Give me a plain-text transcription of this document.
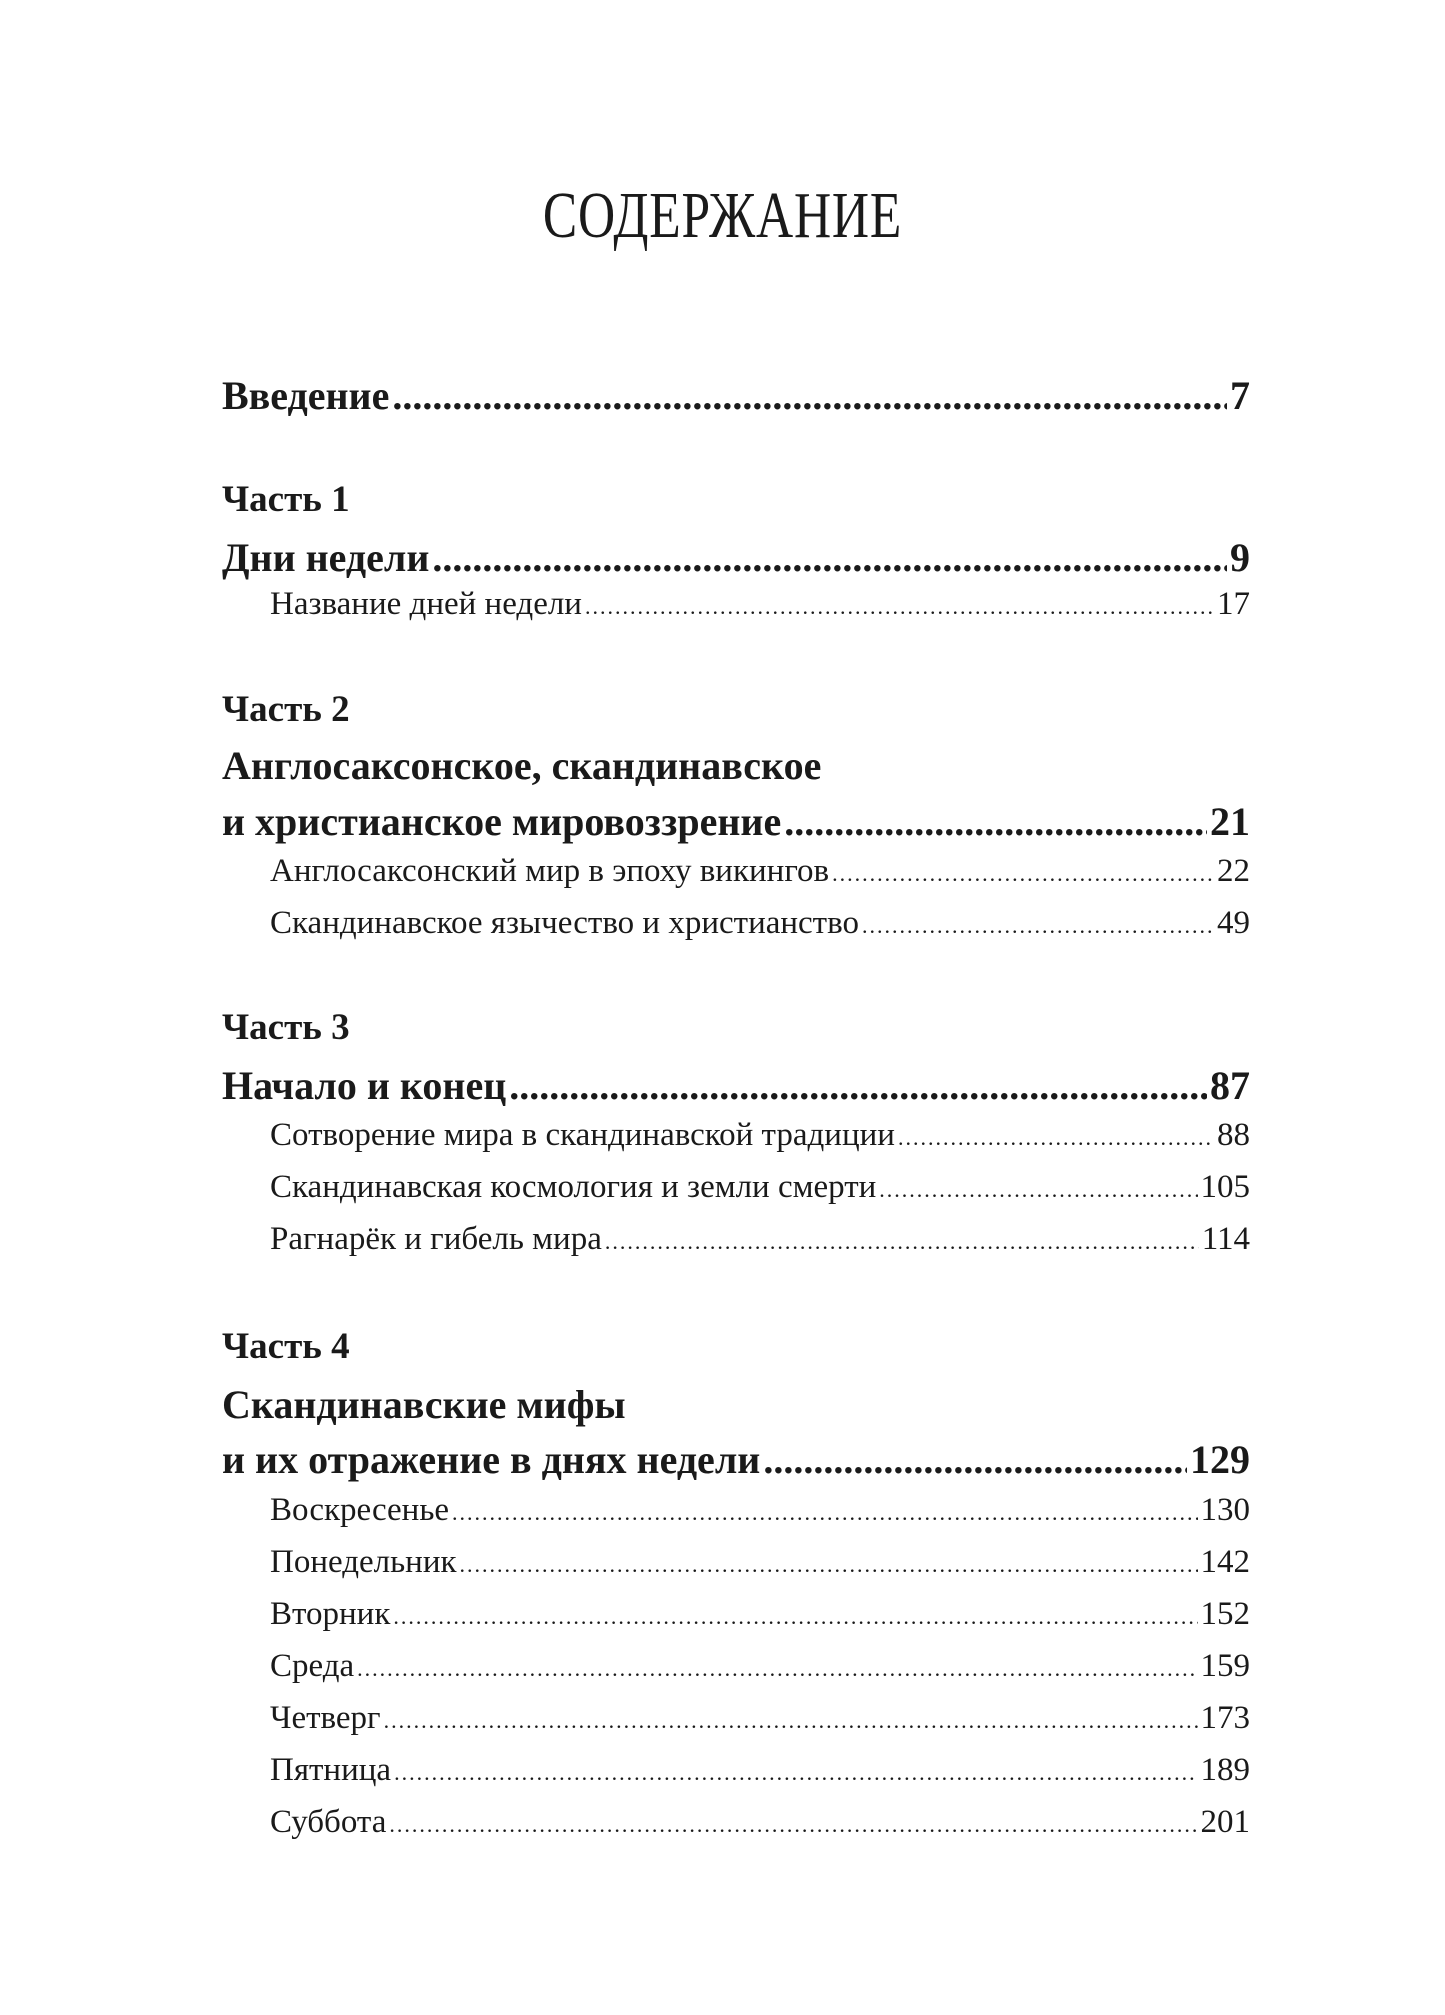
СОДЕРЖАНИЕ
Введение .....	7
Часть 1
Дни недели .....	9
Название дней недели .....	17
Часть 2
Англосаксонское, скандинавское
и христианское мировоззрение .....	21
Англосаксонский мир в эпоху викингов .....	22
Скандинавское язычество и христианство .....	49
Часть 3
Начало и конец .....	87
Сотворение мира в скандинавской традиции .....	88
Скандинавская космология и земли смерти .....	105
Рагнарёк и гибель мира .....	114
Часть 4
Скандинавские мифы
и их отражение в днях недели .....	129
Воскресенье .....	130
Понедельник .....	142
Вторник .....	152
Среда .....	159
Четверг .....	173
Пятница .....	189
Суббота .....	201
